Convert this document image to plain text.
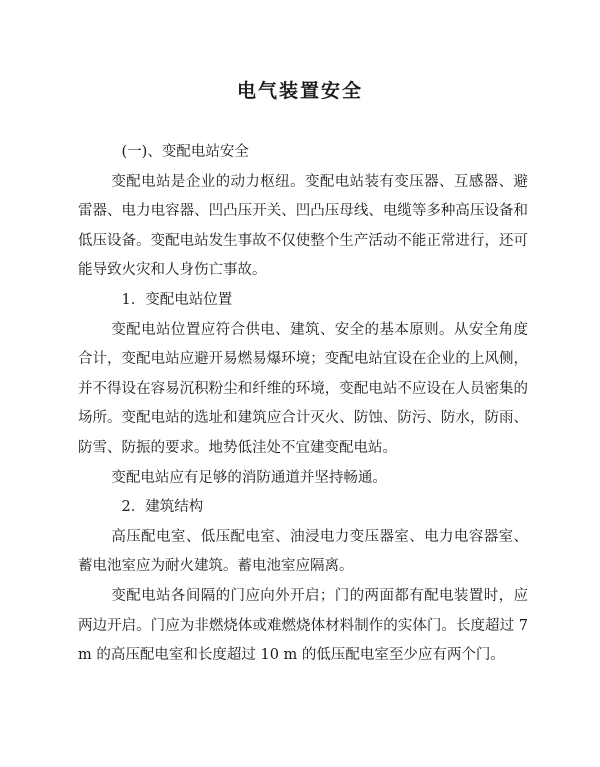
电气装置安全

(一)、变配电站安全

变配电站是企业的动力枢纽。变配电站装有变压器、互感器、避雷器、电力电容器、凹凸压开关、凹凸压母线、电缆等多种高压设备和低压设备。变配电站发生事故不仅使整个生产活动不能正常进行，还可能导致火灾和人身伤亡事故。

1．变配电站位置

变配电站位置应符合供电、建筑、安全的基本原则。从安全角度合计，变配电站应避开易燃易爆环境；变配电站宜设在企业的上风侧，并不得设在容易沉积粉尘和纤维的环境，变配电站不应设在人员密集的场所。变配电站的选址和建筑应合计灭火、防蚀、防污、防水，防雨、防雪、防振的要求。地势低洼处不宜建变配电站。

变配电站应有足够的消防通道并坚持畅通。

2．建筑结构

高压配电室、低压配电室、油浸电力变压器室、电力电容器室、蓄电池室应为耐火建筑。蓄电池室应隔离。

变配电站各间隔的门应向外开启；门的两面都有配电装置时，应两边开启。门应为非燃烧体或难燃烧体材料制作的实体门。长度超过 7 m 的高压配电室和长度超过 10 m 的低压配电室至少应有两个门。
